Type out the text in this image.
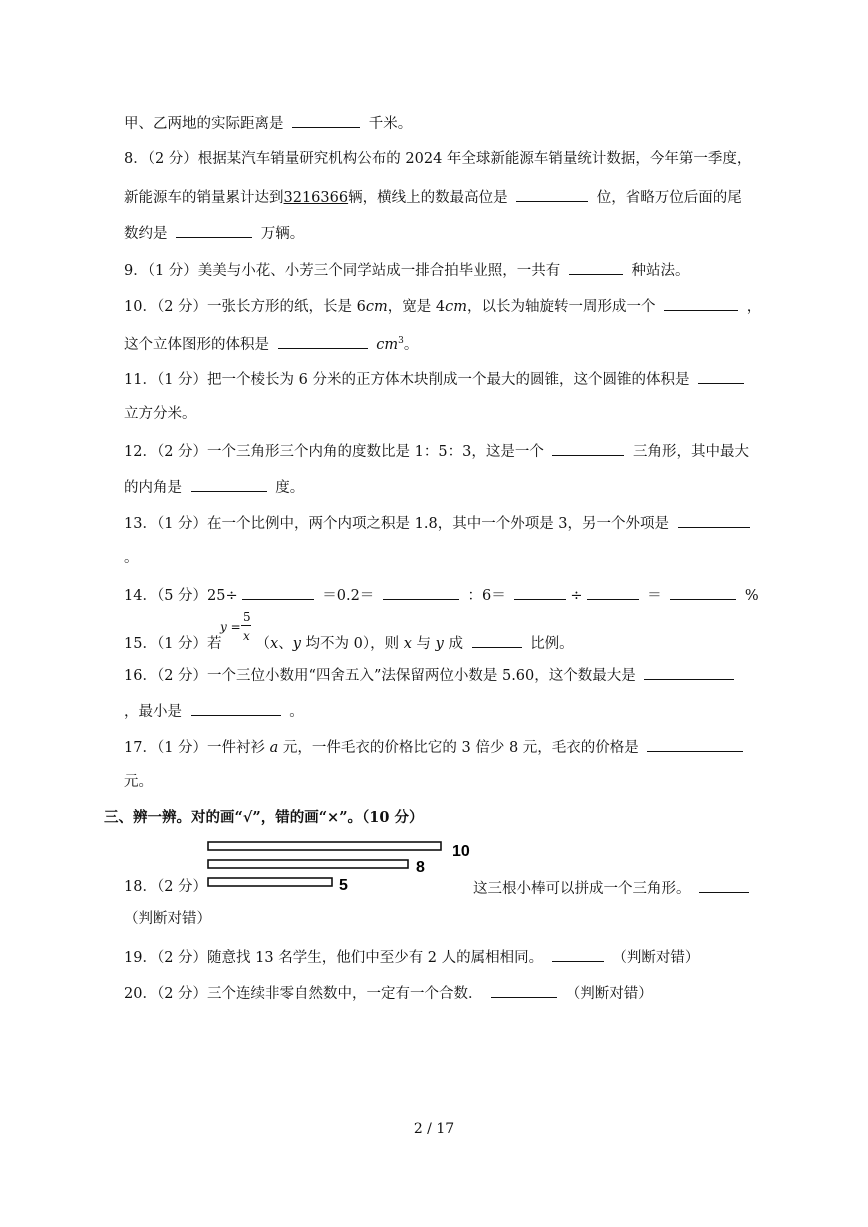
甲、乙两地的实际距离是	千米。
8．（2 分）根据某汽车销量研究机构公布的 2024 年全球新能源车销量统计数据，今年第一季度，
新能源车的销量累计达到3216366辆，横线上的数最高位是	位，省略万位后面的尾
数约是	万辆。
9．（1 分）美美与小花、小芳三个同学站成一排合拍毕业照，一共有	种站法。
10．（2 分）一张长方形的纸，长是 6cm，宽是 4cm，以长为轴旋转一周形成一个	，
这个立体图形的体积是	$cm^3$。
11．（1 分）把一个棱长为 6 分米的正方体木块削成一个最大的圆锥，这个圆锥的体积是
立方分米。
12．（2 分）一个三角形三个内角的度数比是 1：5：3，这是一个	三角形，其中最大
的内角是	度。
13．（1 分）在一个比例中，两个内项之积是 1.8，其中一个外项是 3，另一个外项是
。
14．（5 分）25÷	＝0.2＝	：6＝	÷	＝	%
y =
5
x
15．（1 分）若 （x、y 均不为 0），则 x 与 y 成	比例。
16．（2 分）一个三位小数用“四舍五入”法保留两位小数是 5.60，这个数最大是
，最小是	。
17．（1 分）一件衬衫 a 元，一件毛衣的价格比它的 3 倍少 8 元，毛衣的价格是
元。
三、辨一辨。对的画“√”，错的画“×”。（10 分）
10
8
5
18．（2 分）	这三根小棒可以拼成一个三角形。
（判断对错）
19．（2 分）随意找 13 名学生，他们中至少有 2 人的属相相同。	（判断对错）
20．（2 分）三个连续非零自然数中，一定有一个合数．	（判断对错）
2 / 17
